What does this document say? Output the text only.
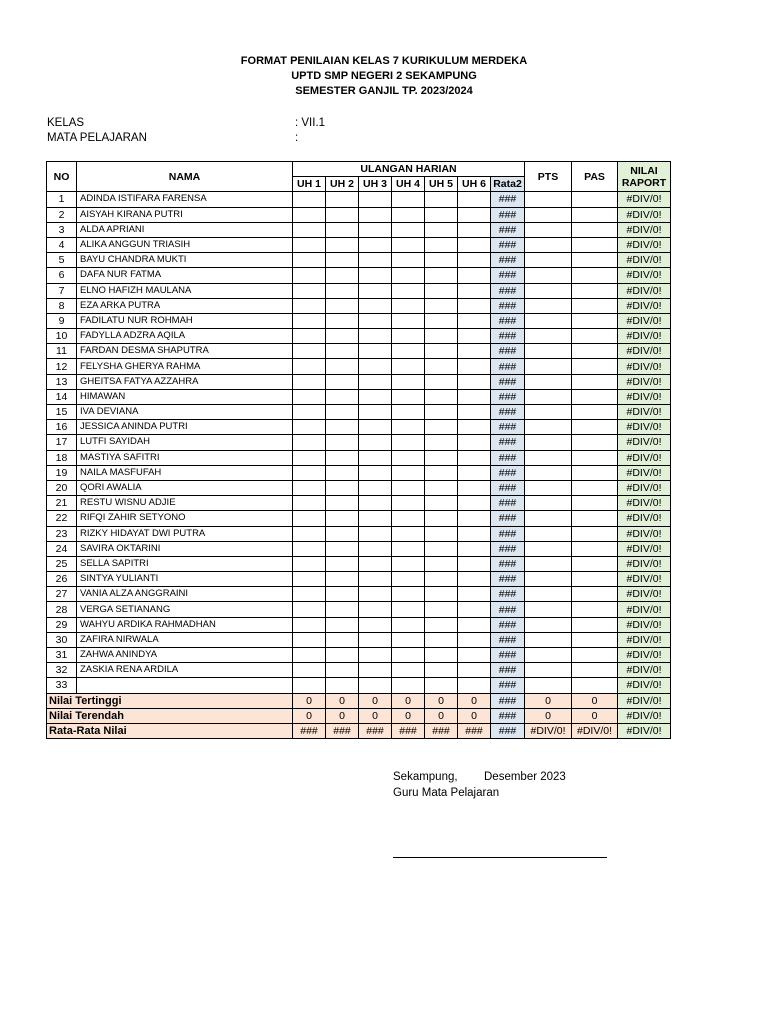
FORMAT PENILAIAN KELAS 7 KURIKULUM MERDEKA
UPTD SMP NEGERI 2 SEKAMPUNG
SEMESTER GANJIL TP. 2023/2024
KELAS	: VII.1
MATA PELAJARAN	:
NO	NAMA	ULANGAN HARIAN							PTS	PAS	NILAI
RAPORT
		UH 1	UH 2	UH 3	UH 4	UH 5	UH 6	Rata2			
1	ADINDA ISTIFARA FARENSA							###			#DIV/0!
2	AISYAH KIRANA PUTRI							###			#DIV/0!
3	ALDA APRIANI							###			#DIV/0!
4	ALIKA ANGGUN TRIASIH							###			#DIV/0!
5	BAYU CHANDRA MUKTI							###			#DIV/0!
6	DAFA NUR FATMA							###			#DIV/0!
7	ELNO HAFIZH MAULANA							###			#DIV/0!
8	EZA ARKA PUTRA							###			#DIV/0!
9	FADILATU NUR ROHMAH							###			#DIV/0!
10	FADYLLA ADZRA AQILA							###			#DIV/0!
11	FARDAN DESMA SHAPUTRA							###			#DIV/0!
12	FELYSHA GHERYA RAHMA							###			#DIV/0!
13	GHEITSA FATYA AZZAHRA							###			#DIV/0!
14	HIMAWAN							###			#DIV/0!
15	IVA DEVIANA							###			#DIV/0!
16	JESSICA ANINDA PUTRI							###			#DIV/0!
17	LUTFI SAYIDAH							###			#DIV/0!
18	MASTIYA SAFITRI							###			#DIV/0!
19	NAILA MASFUFAH							###			#DIV/0!
20	QORI AWALIA							###			#DIV/0!
21	RESTU WISNU ADJIE							###			#DIV/0!
22	RIFQI ZAHIR SETYONO							###			#DIV/0!
23	RIZKY HIDAYAT DWI PUTRA							###			#DIV/0!
24	SAVIRA OKTARINI							###			#DIV/0!
25	SELLA SAPITRI							###			#DIV/0!
26	SINTYA YULIANTI							###			#DIV/0!
27	VANIA ALZA ANGGRAINI							###			#DIV/0!
28	VERGA SETIANANG							###			#DIV/0!
29	WAHYU ARDIKA RAHMADHAN							###			#DIV/0!
30	ZAFIRA NIRWALA							###			#DIV/0!
31	ZAHWA ANINDYA							###			#DIV/0!
32	ZASKIA RENA ARDILA							###			#DIV/0!
33								###			#DIV/0!
Nilai Tertinggi		0	0	0	0	0	0	###	0	0	#DIV/0!
Nilai Terendah		0	0	0	0	0	0	###	0	0	#DIV/0!
Rata-Rata Nilai		###	###	###	###	###	###	###	#DIV/0!	#DIV/0!	#DIV/0!
Sekampung, Desember 2023
Guru Mata Pelajaran
